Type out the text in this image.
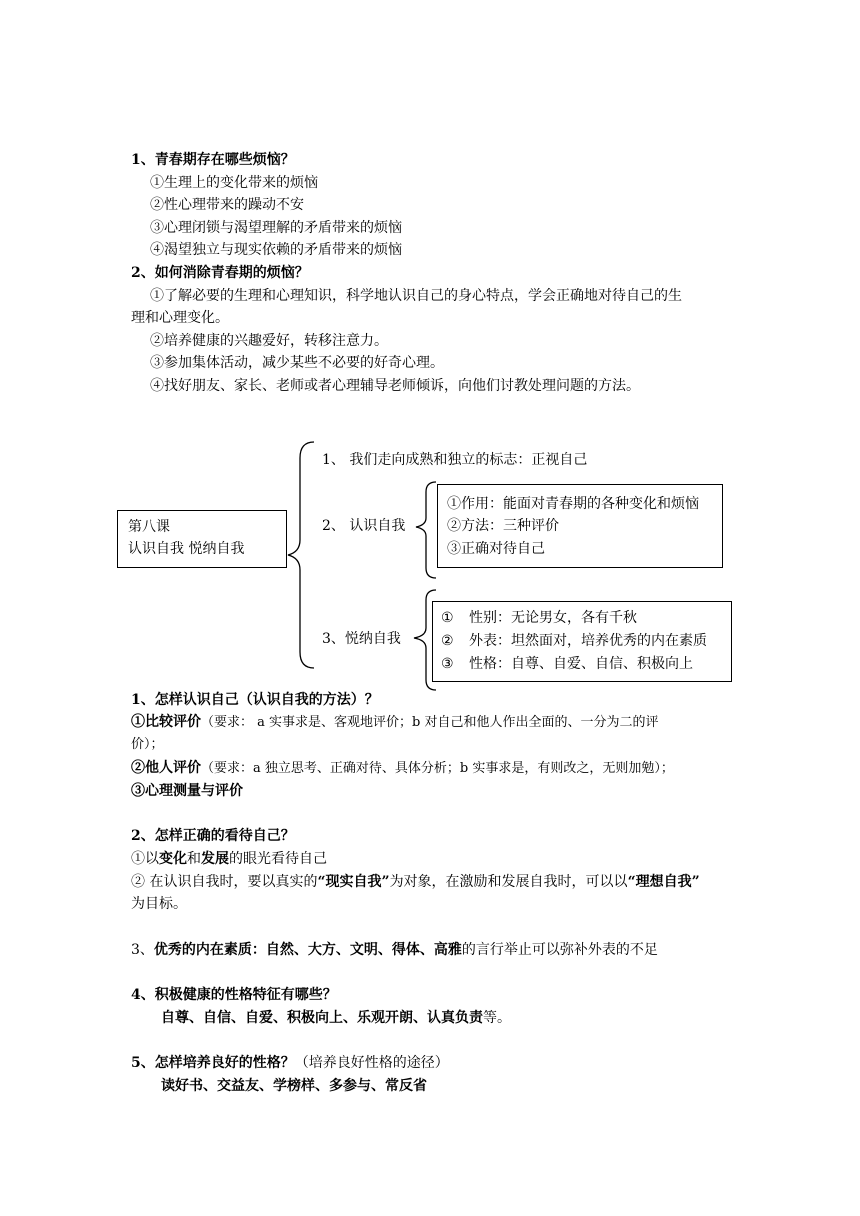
1、青春期存在哪些烦恼？
①生理上的变化带来的烦恼
②性心理带来的躁动不安
③心理闭锁与渴望理解的矛盾带来的烦恼
④渴望独立与现实依赖的矛盾带来的烦恼
2、如何消除青春期的烦恼？
①了解必要的生理和心理知识，科学地认识自己的身心特点，学会正确地对待自己的生
理和心理变化。
②培养健康的兴趣爱好，转移注意力。
③参加集体活动，减少某些不必要的好奇心理。
④找好朋友、家长、老师或者心理辅导老师倾诉，向他们讨教处理问题的方法。
第八课
认识自我 悦纳自我
1、 我们走向成熟和独立的标志：正视自己
2、 认识自我
3、悦纳自我
①作用：能面对青春期的各种变化和烦恼
②方法：三种评价
③正确对待自己
① 性别：无论男女，各有千秋
② 外表：坦然面对，培养优秀的内在素质
③ 性格：自尊、自爱、自信、积极向上
1、怎样认识自己（认识自我的方法）？
①比较评价（要求： a 实事求是、客观地评价；b 对自己和他人作出全面的、一分为二的评
价）；
②他人评价（要求：a 独立思考、正确对待、具体分析；b 实事求是，有则改之，无则加勉）；
③心理测量与评价
2、怎样正确的看待自己？
①以变化和发展的眼光看待自己
② 在认识自我时，要以真实的“现实自我”为对象，在激励和发展自我时，可以以“理想自我”
为目标。
3、优秀的内在素质：自然、大方、文明、得体、高雅的言行举止可以弥补外表的不足
4、积极健康的性格特征有哪些？
自尊、自信、自爱、积极向上、乐观开朗、认真负责等。
5、怎样培养良好的性格？（培养良好性格的途径）
读好书、交益友、学榜样、多参与、常反省
